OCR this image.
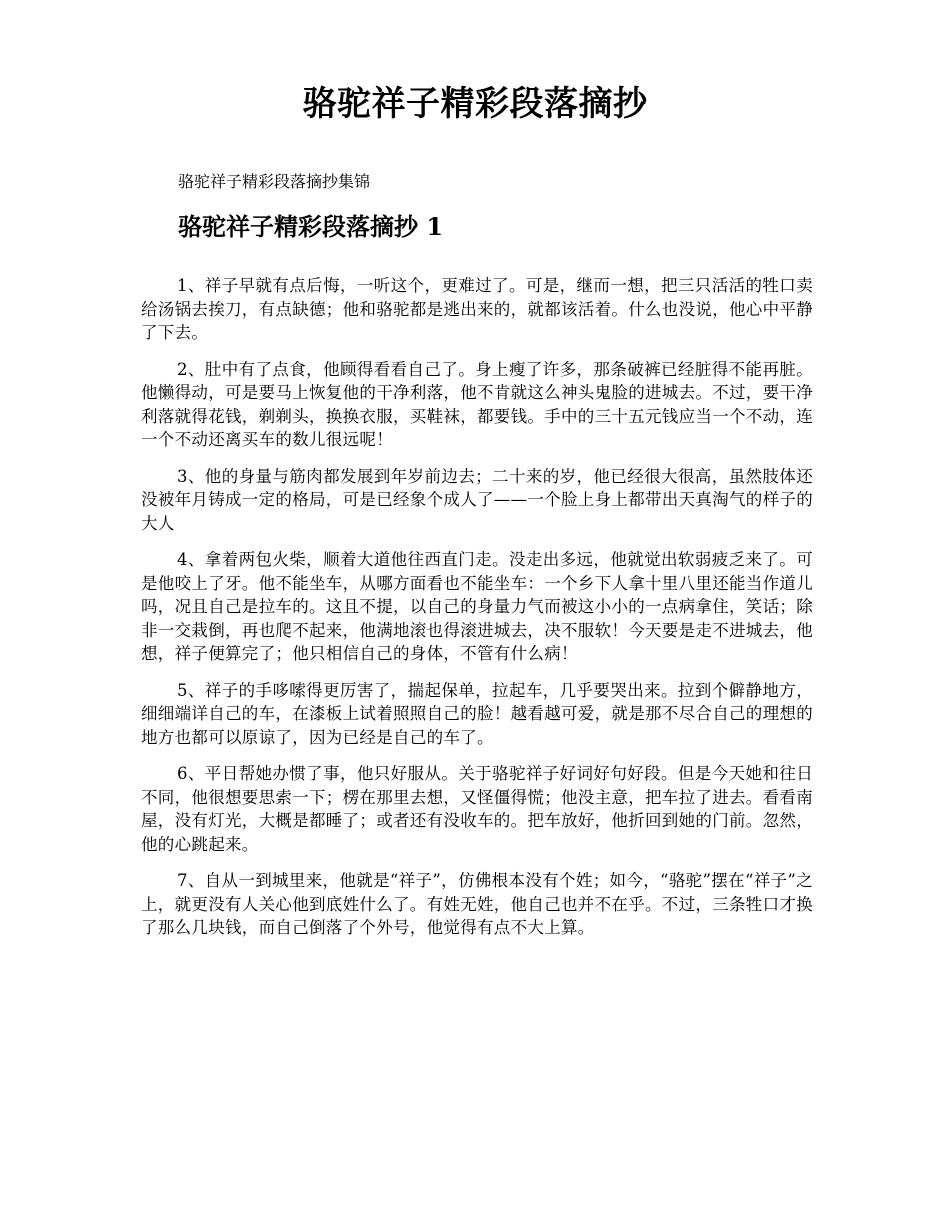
骆驼祥子精彩段落摘抄

骆驼祥子精彩段落摘抄集锦

骆驼祥子精彩段落摘抄 1

1、祥子早就有点后悔，一听这个，更难过了。可是，继而一想，把三只活活的牲口卖给汤锅去挨刀，有点缺德；他和骆驼都是逃出来的，就都该活着。什么也没说，他心中平静了下去。

2、肚中有了点食，他顾得看看自己了。身上瘦了许多，那条破裤已经脏得不能再脏。他懒得动，可是要马上恢复他的干净利落，他不肯就这么神头鬼脸的进城去。不过，要干净利落就得花钱，剃剃头，换换衣服，买鞋袜，都要钱。手中的三十五元钱应当一个不动，连一个不动还离买车的数儿很远呢！

3、他的身量与筋肉都发展到年岁前边去；二十来的岁，他已经很大很高，虽然肢体还没被年月铸成一定的格局，可是已经象个成人了——一个脸上身上都带出天真淘气的样子的大人

4、拿着两包火柴，顺着大道他往西直门走。没走出多远，他就觉出软弱疲乏来了。可是他咬上了牙。他不能坐车，从哪方面看也不能坐车：一个乡下人拿十里八里还能当作道儿吗，况且自己是拉车的。这且不提，以自己的身量力气而被这小小的一点病拿住，笑话；除非一交栽倒，再也爬不起来，他满地滚也得滚进城去，决不服软！今天要是走不进城去，他想，祥子便算完了；他只相信自己的身体，不管有什么病！

5、祥子的手哆嗦得更厉害了，揣起保单，拉起车，几乎要哭出来。拉到个僻静地方，细细端详自己的车，在漆板上试着照照自己的脸！越看越可爱，就是那不尽合自己的理想的地方也都可以原谅了，因为已经是自己的车了。

6、平日帮她办惯了事，他只好服从。关于骆驼祥子好词好句好段。但是今天她和往日不同，他很想要思索一下；楞在那里去想，又怪僵得慌；他没主意，把车拉了进去。看看南屋，没有灯光，大概是都睡了；或者还有没收车的。把车放好，他折回到她的门前。忽然，他的心跳起来。

7、自从一到城里来，他就是“祥子”，仿佛根本没有个姓；如今，“骆驼”摆在“祥子”之上，就更没有人关心他到底姓什么了。有姓无姓，他自己也并不在乎。不过，三条牲口才换了那么几块钱，而自己倒落了个外号，他觉得有点不大上算。
